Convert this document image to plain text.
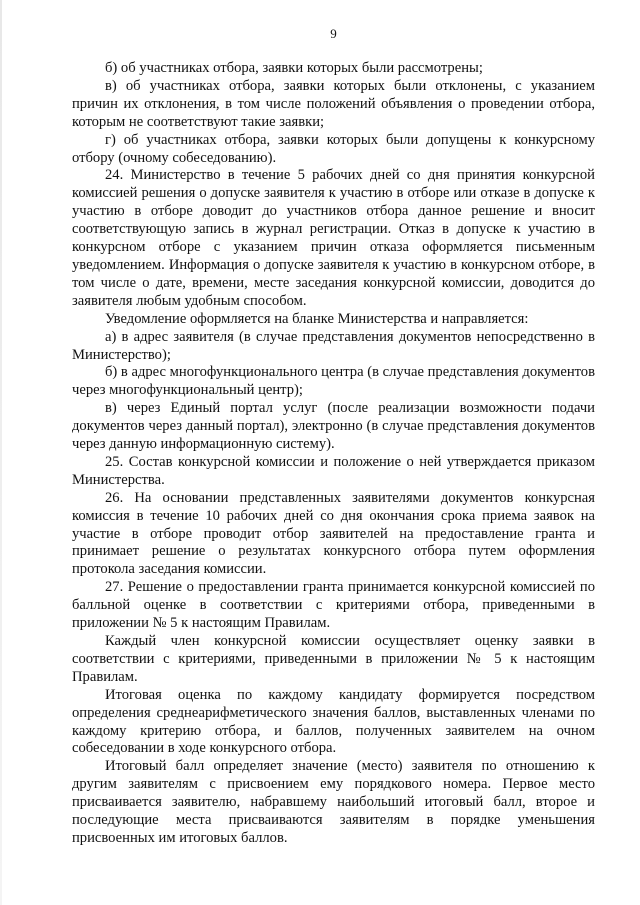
9

б) об участниках отбора, заявки которых были рассмотрены;

в) об участниках отбора, заявки которых были отклонены, с указанием причин их отклонения, в том числе положений объявления о проведении отбора, которым не соответствуют такие заявки;

г) об участниках отбора, заявки которых были допущены к конкурсному отбору (очному собеседованию).

24. Министерство в течение 5 рабочих дней со дня принятия конкурсной комиссией решения о допуске заявителя к участию в отборе или отказе в допуске к участию в отборе доводит до участников отбора данное решение и вносит соответствующую запись в журнал регистрации. Отказ в допуске к участию в конкурсном отборе с указанием причин отказа оформляется письменным уведомлением. Информация о допуске заявителя к участию в конкурсном отборе, в том числе о дате, времени, месте заседания конкурсной комиссии, доводится до заявителя любым удобным способом.

Уведомление оформляется на бланке Министерства и направляется:

а) в адрес заявителя (в случае представления документов непосредственно в Министерство);

б) в адрес многофункционального центра (в случае представления документов через многофункциональный центр);

в) через Единый портал услуг (после реализации возможности подачи документов через данный портал), электронно (в случае представления документов через данную информационную систему).

25. Состав конкурсной комиссии и положение о ней утверждается приказом Министерства.

26. На основании представленных заявителями документов конкурсная комиссия в течение 10 рабочих дней со дня окончания срока приема заявок на участие в отборе проводит отбор заявителей на предоставление гранта и принимает решение о результатах конкурсного отбора путем оформления протокола заседания комиссии.

27. Решение о предоставлении гранта принимается конкурсной комиссией по балльной оценке в соответствии с критериями отбора, приведенными в приложении № 5 к настоящим Правилам.

Каждый член конкурсной комиссии осуществляет оценку заявки в соответствии с критериями, приведенными в приложении № 5 к настоящим Правилам.

Итоговая оценка по каждому кандидату формируется посредством определения среднеарифметического значения баллов, выставленных членами по каждому критерию отбора, и баллов, полученных заявителем на очном собеседовании в ходе конкурсного отбора.

Итоговый балл определяет значение (место) заявителя по отношению к другим заявителям с присвоением ему порядкового номера. Первое место присваивается заявителю, набравшему наибольший итоговый балл, второе и последующие места присваиваются заявителям в порядке уменьшения присвоенных им итоговых баллов.
